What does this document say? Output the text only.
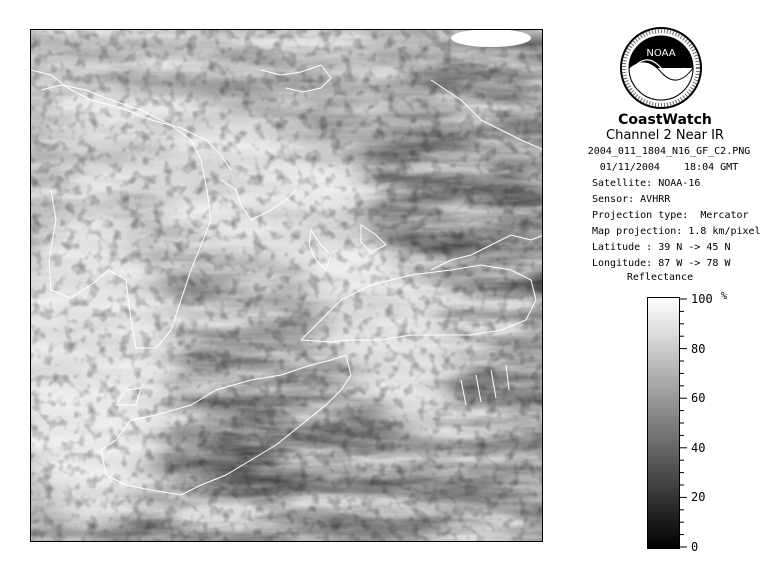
NOAA
CoastWatch
Channel 2 Near IR
2004_011_1804_N16_GF_C2.PNG
01/11/2004    18:04 GMT
Satellite: NOAA-16
Sensor: AVHRR
Projection type:  Mercator
Map projection: 1.8 km/pixel
Latitude : 39 N -> 45 N
Longitude: 87 W -> 78 W
Reflectance
%
100
80
60
40
20
0
